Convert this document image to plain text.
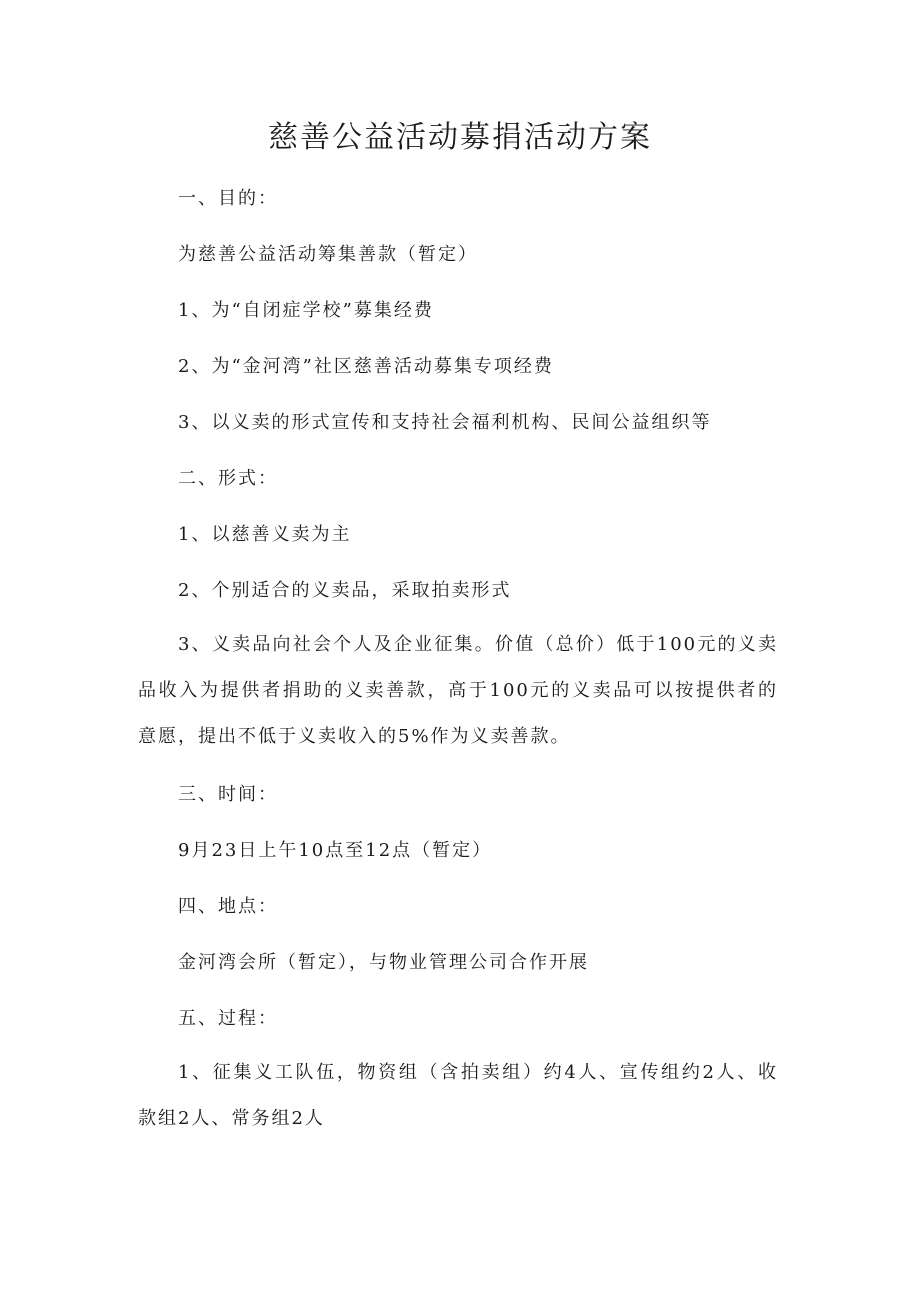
慈善公益活动募捐活动方案

一、目的：

为慈善公益活动筹集善款（暂定）

1、为“自闭症学校”募集经费

2、为“金河湾”社区慈善活动募集专项经费

3、以义卖的形式宣传和支持社会福利机构、民间公益组织等

二、形式：

1、以慈善义卖为主

2、个别适合的义卖品，采取拍卖形式

3、义卖品向社会个人及企业征集。价值（总价）低于100元的义卖品收入为提供者捐助的义卖善款，高于100元的义卖品可以按提供者的意愿，提出不低于义卖收入的5%作为义卖善款。

三、时间：

9月23日上午10点至12点（暂定）

四、地点：

金河湾会所（暂定），与物业管理公司合作开展

五、过程：

1、征集义工队伍，物资组（含拍卖组）约4人、宣传组约2人、收款组2人、常务组2人
